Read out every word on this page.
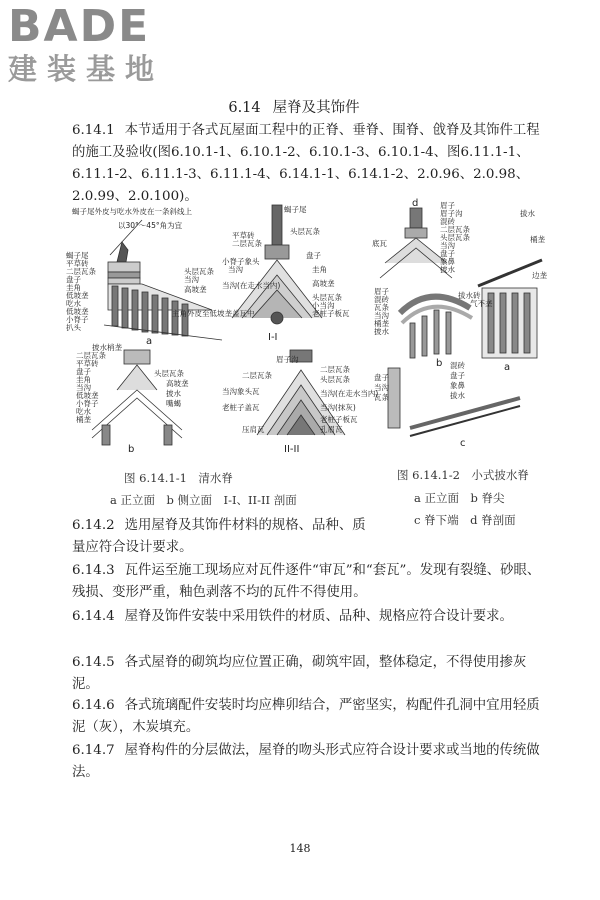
BADE
建装基地
6.14 屋脊及其饰件

6.14.1 本节适用于各式瓦屋面工程中的正脊、垂脊、围脊、戗脊及其饰件工程的施工及验收(图6.10.1-1、6.10.1-2、6.10.1-3、6.10.1-4、图6.11.1-1、6.11.1-2、6.11.1-3、6.11.1-4、6.14.1-1、6.14.1-2、2.0.96、2.0.98、2.0.99、2.0.100)。

蝎子尾外皮与吃水外皮在一条斜线上
以30°～45°角为宜
蝎子尾
平草砖
二层瓦条
盘子
圭角
低坡垄
吃水
低坡垄
头层瓦条
当沟
高坡垄
主角外皮至低坡垄盖瓦中
小脊子
扒头
披水梢垄
二层瓦条
平草砖
头层瓦条
盘子
圭角
当沟
低坡垄
小脊子
吃水
桶垄
高坡垄
披水
嘴蝎
蝎子尾
平草砖
二层瓦条
小脊子象头
当沟
头层瓦条
盘子
圭角
高坡垄
当沟(在走水当内)
头层瓦条
小当沟
老桩子板瓦
眉子沟
二层瓦条
当沟象头瓦
老桩子盖瓦
二层瓦条
头层瓦条
当沟(在走水当内)
当沟(抹灰)
老桩子板瓦
压肩瓦	孔眉瓦
a
b
I-I
II-II
眉子
眉子沟
混砖
二层瓦条
头层瓦条
当沟
底瓦
盘子
象鼻
披水
拔水
桶垄
边垄
眉子
混砖
瓦条
当沟
桶垄
披水
拔水砖
气不垄
盘子
当沟
瓦条
混砖
盘子
象鼻
拔水
d
a
b
c
图 6.14.1-1　清水脊
a 正立面　b 侧立面　I-I、II-II 剖面
图 6.14.1-2　小式披水脊
a 正立面　b 脊尖
c 脊下端　d 脊剖面

6.14.2 选用屋脊及其饰件材料的规格、品种、质量应符合设计要求。

6.14.3 瓦件运至施工现场应对瓦件逐件“审瓦”和“套瓦”。发现有裂缝、砂眼、残损、变形严重，釉色剥落不均的瓦件不得使用。

6.14.4 屋脊及饰件安装中采用铁件的材质、品种、规格应符合设计要求。

6.14.5 各式屋脊的砌筑均应位置正确，砌筑牢固，整体稳定，不得使用掺灰泥。

6.14.6 各式琉璃配件安装时均应榫卯结合，严密坚实，构配件孔洞中宜用轻质泥（灰），木炭填充。

6.14.7 屋脊构件的分层做法，屋脊的吻头形式应符合设计要求或当地的传统做法。

148
